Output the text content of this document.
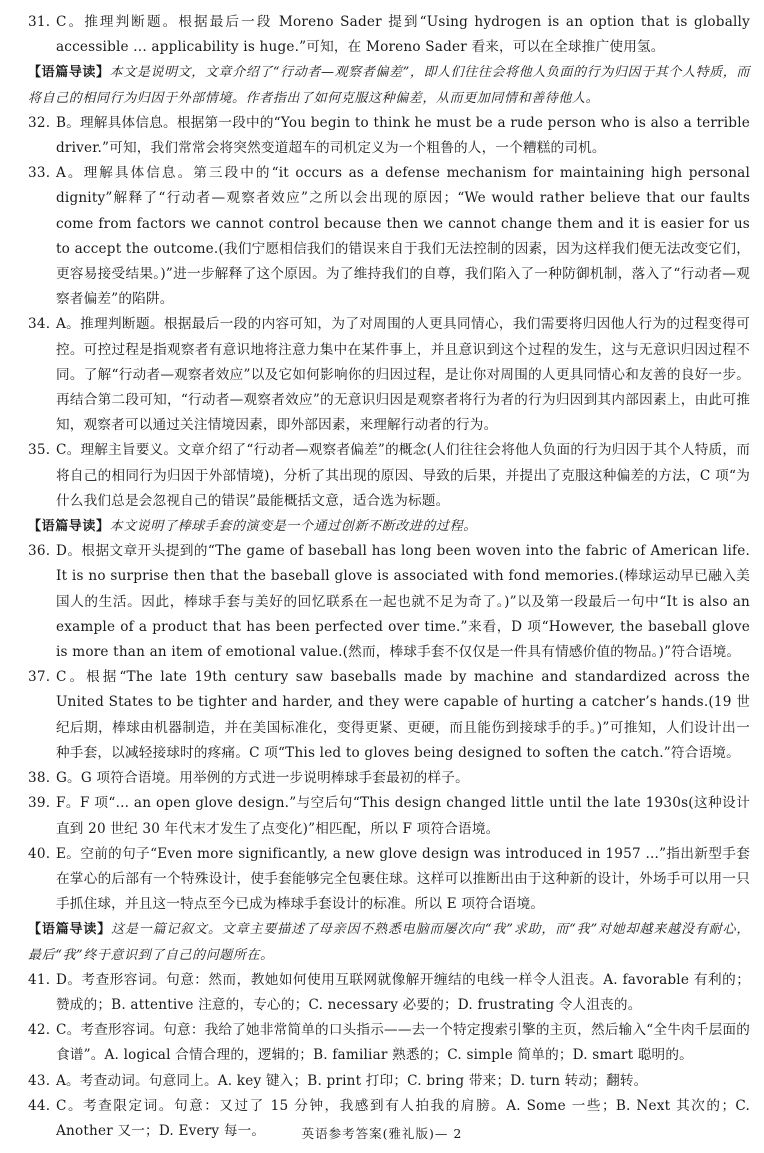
31. C。推理判断题。根据最后一段 Moreno Sader 提到“Using hydrogen is an option that is globally accessible ... applicability is huge.”可知，在 Moreno Sader 看来，可以在全球推广使用氢。
【语篇导读】本文是说明文，文章介绍了“行动者—观察者偏差”，即人们往往会将他人负面的行为归因于其个人特质，而将自己的相同行为归因于外部情境。作者指出了如何克服这种偏差，从而更加同情和善待他人。
32. B。理解具体信息。根据第一段中的“You begin to think he must be a rude person who is also a terrible driver.”可知，我们常常会将突然变道超车的司机定义为一个粗鲁的人，一个糟糕的司机。
33. A。理解具体信息。第三段中的“it occurs as a defense mechanism for maintaining high personal dignity”解释了“行动者—观察者效应”之所以会出现的原因；“We would rather believe that our faults come from factors we cannot control because then we cannot change them and it is easier for us to accept the outcome.(我们宁愿相信我们的错误来自于我们无法控制的因素，因为这样我们便无法改变它们，更容易接受结果。)”进一步解释了这个原因。为了维持我们的自尊，我们陷入了一种防御机制，落入了“行动者—观察者偏差”的陷阱。
34. A。推理判断题。根据最后一段的内容可知，为了对周围的人更具同情心，我们需要将归因他人行为的过程变得可控。可控过程是指观察者有意识地将注意力集中在某件事上，并且意识到这个过程的发生，这与无意识归因过程不同。了解“行动者—观察者效应”以及它如何影响你的归因过程，是让你对周围的人更具同情心和友善的良好一步。再结合第二段可知，“行动者—观察者效应”的无意识归因是观察者将行为者的行为归因到其内部因素上，由此可推知，观察者可以通过关注情境因素，即外部因素，来理解行动者的行为。
35. C。理解主旨要义。文章介绍了“行动者—观察者偏差”的概念(人们往往会将他人负面的行为归因于其个人特质，而将自己的相同行为归因于外部情境)，分析了其出现的原因、导致的后果，并提出了克服这种偏差的方法，C 项“为什么我们总是会忽视自己的错误”最能概括文意，适合选为标题。
【语篇导读】本文说明了棒球手套的演变是一个通过创新不断改进的过程。
36. D。根据文章开头提到的“The game of baseball has long been woven into the fabric of American life. It is no surprise then that the baseball glove is associated with fond memories.(棒球运动早已融入美国人的生活。因此，棒球手套与美好的回忆联系在一起也就不足为奇了。)”以及第一段最后一句中“It is also an example of a product that has been perfected over time.”来看，D 项“However, the baseball glove is more than an item of emotional value.(然而，棒球手套不仅仅是一件具有情感价值的物品。)”符合语境。
37. C。根据“The late 19th century saw baseballs made by machine and standardized across the United States to be tighter and harder, and they were capable of hurting a catcher’s hands.(19 世纪后期，棒球由机器制造，并在美国标准化，变得更紧、更硬，而且能伤到接球手的手。)”可推知，人们设计出一种手套，以减轻接球时的疼痛。C 项“This led to gloves being designed to soften the catch.”符合语境。
38. G。G 项符合语境。用举例的方式进一步说明棒球手套最初的样子。
39. F。F 项“... an open glove design.”与空后句“This design changed little until the late 1930s(这种设计直到 20 世纪 30 年代末才发生了点变化)”相匹配，所以 F 项符合语境。
40. E。空前的句子“Even more significantly, a new glove design was introduced in 1957 ...”指出新型手套在掌心的后部有一个特殊设计，使手套能够完全包裹住球。这样可以推断出由于这种新的设计，外场手可以用一只手抓住球，并且这一特点至今已成为棒球手套设计的标准。所以 E 项符合语境。
【语篇导读】这是一篇记叙文。文章主要描述了母亲因不熟悉电脑而屡次向“我”求助，而“我”对她却越来越没有耐心，最后“我”终于意识到了自己的问题所在。
41. D。考查形容词。句意：然而，教她如何使用互联网就像解开缠结的电线一样令人沮丧。A. favorable 有利的；赞成的；B. attentive 注意的，专心的；C. necessary 必要的；D. frustrating 令人沮丧的。
42. C。考查形容词。句意：我给了她非常简单的口头指示——去一个特定搜索引擎的主页，然后输入“全牛肉千层面的食谱”。A. logical 合情合理的，逻辑的；B. familiar 熟悉的；C. simple 简单的；D. smart 聪明的。
43. A。考查动词。句意同上。A. key 键入；B. print 打印；C. bring 带来；D. turn 转动；翻转。
44. C。考查限定词。句意：又过了 15 分钟，我感到有人拍我的肩膀。A. Some 一些；B. Next 其次的；C. Another 又一；D. Every 每一。	英语参考答案(雅礼版)— 2
